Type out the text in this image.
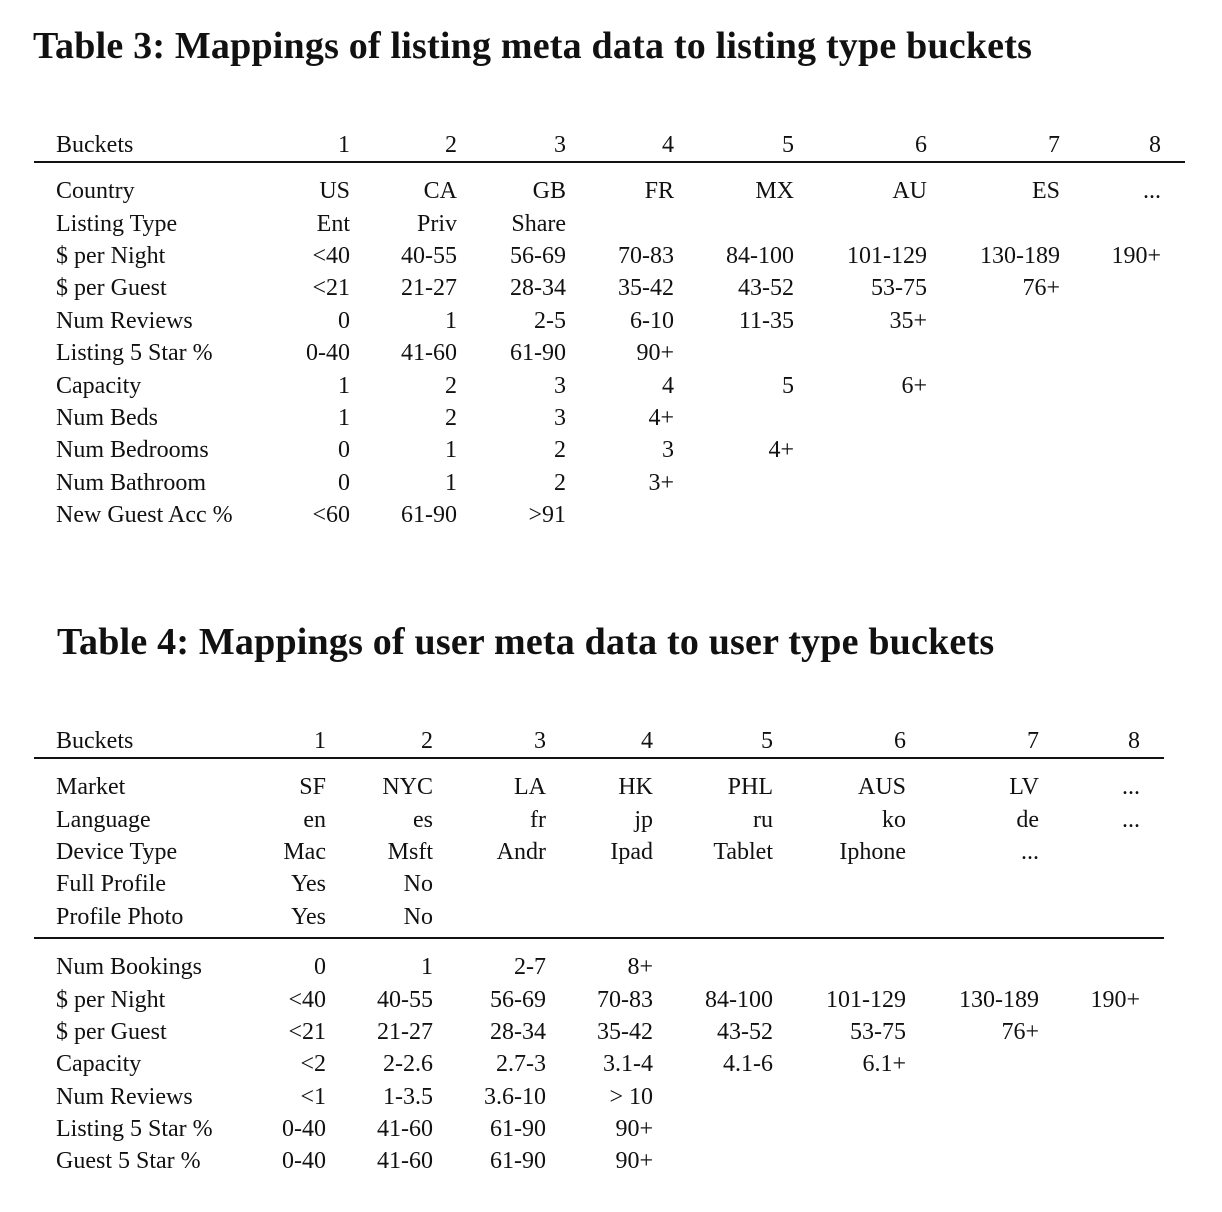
Table 3: Mappings of listing meta data to listing type buckets
Buckets	1	2	3	4	5	6	7	8
Country	US	CA	GB	FR	MX	AU	ES	...
Listing Type	Ent	Priv	Share					
$ per Night	<40	40-55	56-69	70-83	84-100	101-129	130-189	190+
$ per Guest	<21	21-27	28-34	35-42	43-52	53-75	76+	
Num Reviews	0	1	2-5	6-10	11-35	35+		
Listing 5 Star %	0-40	41-60	61-90	90+				
Capacity	1	2	3	4	5	6+		
Num Beds	1	2	3	4+				
Num Bedrooms	0	1	2	3	4+			
Num Bathroom	0	1	2	3+				
New Guest Acc %	<60	61-90	>91					
Table 4: Mappings of user meta data to user type buckets
Buckets	1	2	3	4	5	6	7	8
Market	SF	NYC	LA	HK	PHL	AUS	LV	...
Language	en	es	fr	jp	ru	ko	de	...
Device Type	Mac	Msft	Andr	Ipad	Tablet	Iphone	...	
Full Profile	Yes	No						
Profile Photo	Yes	No						
Num Bookings	0	1	2-7	8+				
$ per Night	<40	40-55	56-69	70-83	84-100	101-129	130-189	190+
$ per Guest	<21	21-27	28-34	35-42	43-52	53-75	76+	
Capacity	<2	2-2.6	2.7-3	3.1-4	4.1-6	6.1+		
Num Reviews	<1	1-3.5	3.6-10	> 10				
Listing 5 Star %	0-40	41-60	61-90	90+				
Guest 5 Star %	0-40	41-60	61-90	90+				
